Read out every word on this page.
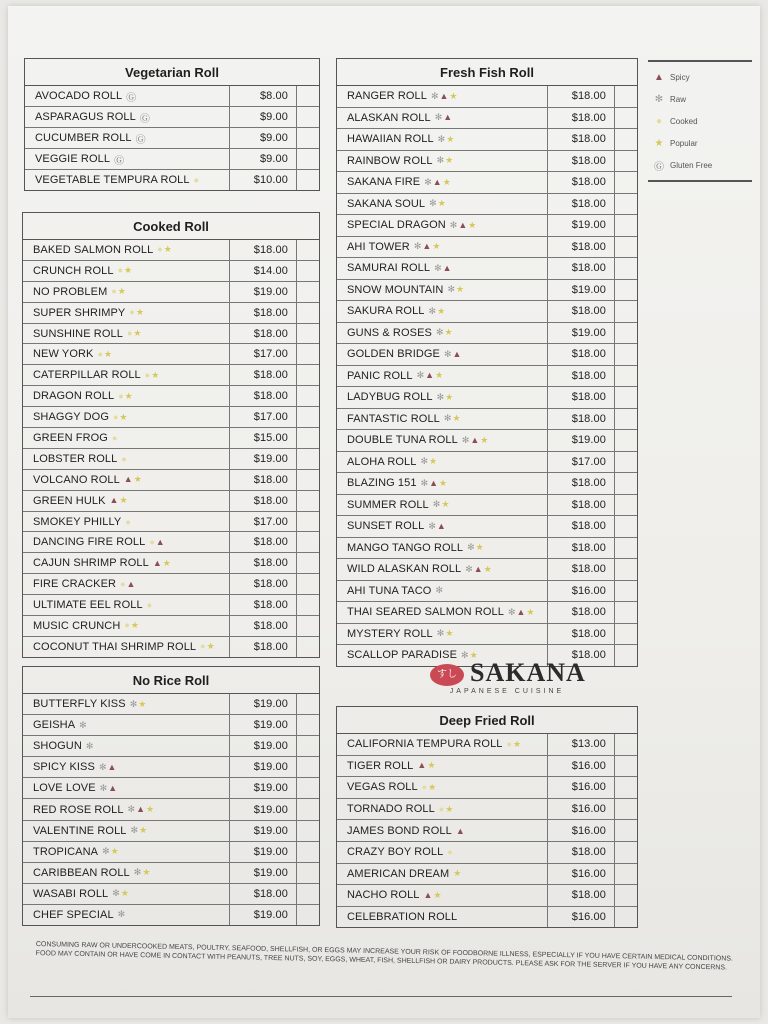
Vegetarian Roll
AVOCADO ROLL Ⓖ	$8.00
ASPARAGUS ROLL Ⓖ	$9.00
CUCUMBER ROLL Ⓖ	$9.00
VEGGIE ROLL Ⓖ	$9.00
VEGETABLE TEMPURA ROLL ●	$10.00
Cooked Roll
BAKED SALMON ROLL ●★	$18.00
CRUNCH ROLL ●★	$14.00
NO PROBLEM ●★	$19.00
SUPER SHRIMPY ●★	$18.00
SUNSHINE ROLL ●★	$18.00
NEW YORK ●★	$17.00
CATERPILLAR ROLL ●★	$18.00
DRAGON ROLL ●★	$18.00
SHAGGY DOG ●★	$17.00
GREEN FROG ●	$15.00
LOBSTER ROLL ●	$19.00
VOLCANO ROLL ▲★	$18.00
GREEN HULK ▲★	$18.00
SMOKEY PHILLY ●	$17.00
DANCING FIRE ROLL ●▲	$18.00
CAJUN SHRIMP ROLL ▲★	$18.00
FIRE CRACKER ●▲	$18.00
ULTIMATE EEL ROLL ●	$18.00
MUSIC CRUNCH ●★	$18.00
COCONUT THAI SHRIMP ROLL ●★	$18.00
No Rice Roll
BUTTERFLY KISS ✻★	$19.00
GEISHA ✻	$19.00
SHOGUN ✻	$19.00
SPICY KISS ✻▲	$19.00
LOVE LOVE ✻▲	$19.00
RED ROSE ROLL ✻▲★	$19.00
VALENTINE ROLL ✻★	$19.00
TROPICANA ✻★	$19.00
CARIBBEAN ROLL ✻★	$19.00
WASABI ROLL ✻★	$18.00
CHEF SPECIAL ✻	$19.00
Fresh Fish Roll
RANGER ROLL ✻▲★	$18.00
ALASKAN ROLL ✻▲	$18.00
HAWAIIAN ROLL ✻★	$18.00
RAINBOW ROLL ✻★	$18.00
SAKANA FIRE ✻▲★	$18.00
SAKANA SOUL ✻★	$18.00
SPECIAL DRAGON ✻▲★	$19.00
AHI TOWER ✻▲★	$18.00
SAMURAI ROLL ✻▲	$18.00
SNOW MOUNTAIN ✻★	$19.00
SAKURA ROLL ✻★	$18.00
GUNS & ROSES ✻★	$19.00
GOLDEN BRIDGE ✻▲	$18.00
PANIC ROLL ✻▲★	$18.00
LADYBUG ROLL ✻★	$18.00
FANTASTIC ROLL ✻★	$18.00
DOUBLE TUNA ROLL ✻▲★	$19.00
ALOHA ROLL ✻★	$17.00
BLAZING 151 ✻▲★	$18.00
SUMMER ROLL ✻★	$18.00
SUNSET ROLL ✻▲	$18.00
MANGO TANGO ROLL ✻★	$18.00
WILD ALASKAN ROLL ✻▲★	$18.00
AHI TUNA TACO ✻	$16.00
THAI SEARED SALMON ROLL ✻▲★	$18.00
MYSTERY ROLL ✻★	$18.00
SCALLOP PARADISE ✻★	$18.00
Deep Fried Roll
CALIFORNIA TEMPURA ROLL ●★	$13.00
TIGER ROLL ▲★	$16.00
VEGAS ROLL ●★	$16.00
TORNADO ROLL ●★	$16.00
JAMES BOND ROLL ▲	$16.00
CRAZY BOY ROLL ●	$18.00
AMERICAN DREAM ★	$16.00
NACHO ROLL ▲★	$18.00
CELEBRATION ROLL	$16.00
▲ Spicy
✻ Raw
● Cooked
★ Popular
Ⓖ Gluten Free
すし SAKANA
JAPANESE CUISINE
CONSUMING RAW OR UNDERCOOKED MEATS, POULTRY, SEAFOOD, SHELLFISH, OR EGGS MAY INCREASE YOUR RISK OF FOODBORNE ILLNESS, ESPECIALLY IF YOU HAVE CERTAIN MEDICAL CONDITIONS. FOOD MAY CONTAIN OR HAVE COME IN CONTACT WITH PEANUTS, TREE NUTS, SOY, EGGS, WHEAT, FISH, SHELLFISH OR DAIRY PRODUCTS. PLEASE ASK FOR THE SERVER IF YOU HAVE ANY CONCERNS.
